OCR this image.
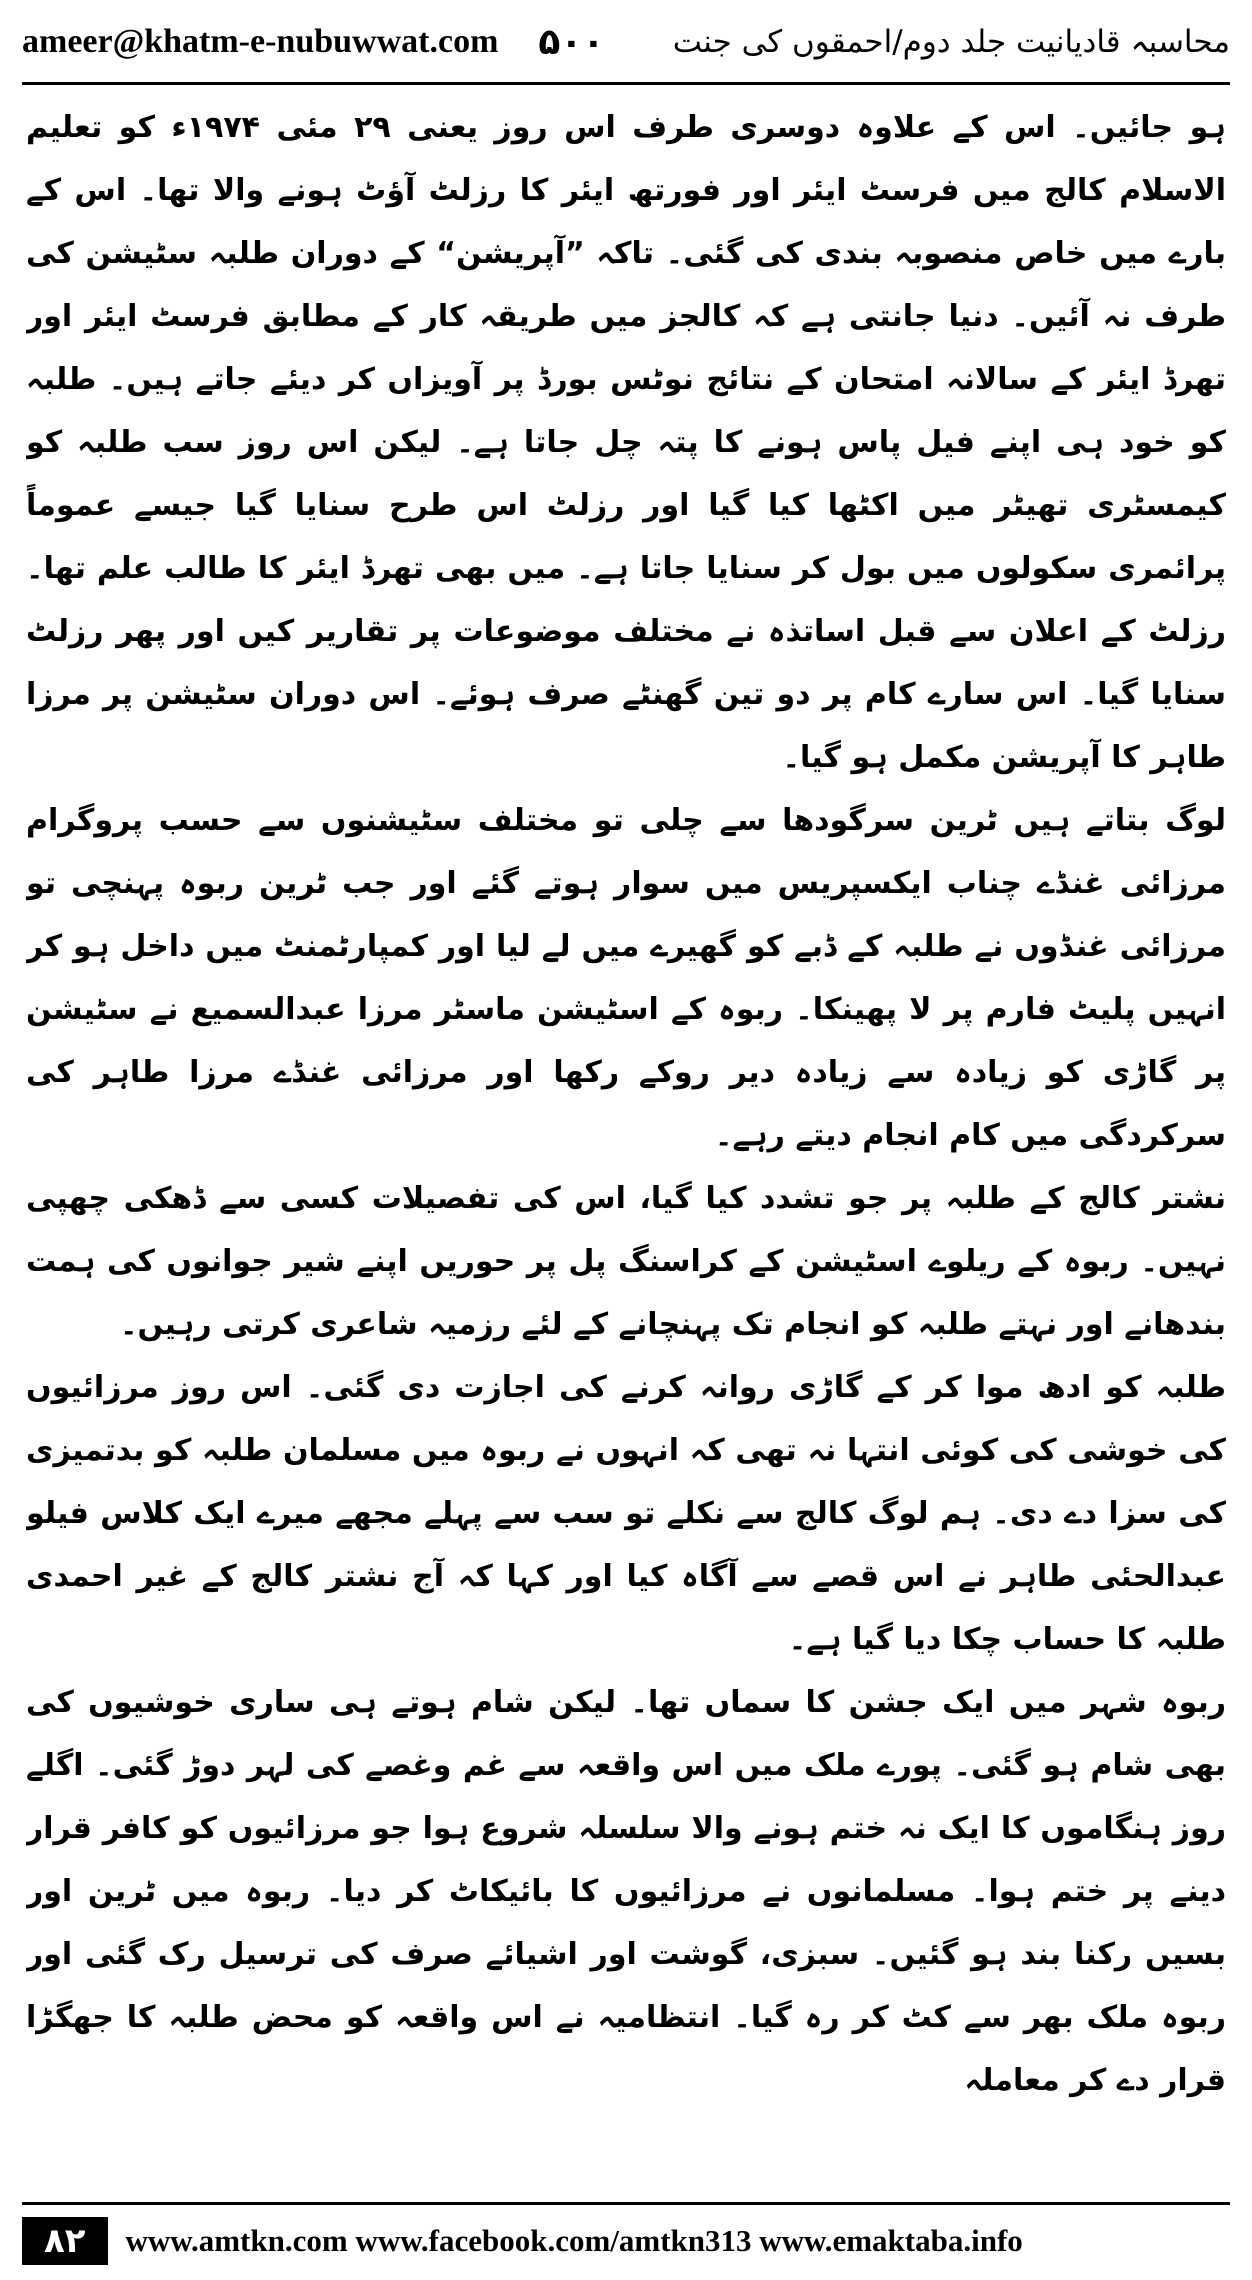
ameer@khatm-e-nubuwwat.com ۵۰۰ محاسبہ قادیانیت جلد دوم/احمقوں کی جنت

ہو جائیں۔ اس کے علاوہ دوسری طرف اس روز یعنی ۲۹ مئی ۱۹۷۴ء کو تعلیم الاسلام کالج میں فرسٹ ایئر اور فورتھ ایئر کا رزلٹ آؤٹ ہونے والا تھا۔ اس کے بارے میں خاص منصوبہ بندی کی گئی۔ تاکہ ”آپریشن“ کے دوران طلبہ سٹیشن کی طرف نہ آئیں۔ دنیا جانتی ہے کہ کالجز میں طریقہ کار کے مطابق فرسٹ ایئر اور تھرڈ ایئر کے سالانہ امتحان کے نتائج نوٹس بورڈ پر آویزاں کر دیئے جاتے ہیں۔ طلبہ کو خود ہی اپنے فیل پاس ہونے کا پتہ چل جاتا ہے۔ لیکن اس روز سب طلبہ کو کیمسٹری تھیٹر میں اکٹھا کیا گیا اور رزلٹ اس طرح سنایا گیا جیسے عموماً پرائمری سکولوں میں بول کر سنایا جاتا ہے۔ میں بھی تھرڈ ایئر کا طالب علم تھا۔ رزلٹ کے اعلان سے قبل اساتذہ نے مختلف موضوعات پر تقاریر کیں اور پھر رزلٹ سنایا گیا۔ اس سارے کام پر دو تین گھنٹے صرف ہوئے۔ اس دوران سٹیشن پر مرزا طاہر کا آپریشن مکمل ہو گیا۔

لوگ بتاتے ہیں ٹرین سرگودھا سے چلی تو مختلف سٹیشنوں سے حسب پروگرام مرزائی غنڈے چناب ایکسپریس میں سوار ہوتے گئے اور جب ٹرین ربوہ پہنچی تو مرزائی غنڈوں نے طلبہ کے ڈبے کو گھیرے میں لے لیا اور کمپارٹمنٹ میں داخل ہو کر انہیں پلیٹ فارم پر لا پھینکا۔ ربوہ کے اسٹیشن ماسٹر مرزا عبدالسمیع نے سٹیشن پر گاڑی کو زیادہ سے زیادہ دیر روکے رکھا اور مرزائی غنڈے مرزا طاہر کی سرکردگی میں کام انجام دیتے رہے۔

نشتر کالج کے طلبہ پر جو تشدد کیا گیا، اس کی تفصیلات کسی سے ڈھکی چھپی نہیں۔ ربوہ کے ریلوے اسٹیشن کے کراسنگ پل پر حوریں اپنے شیر جوانوں کی ہمت بندھانے اور نہتے طلبہ کو انجام تک پہنچانے کے لئے رزمیہ شاعری کرتی رہیں۔

طلبہ کو ادھ موا کر کے گاڑی روانہ کرنے کی اجازت دی گئی۔ اس روز مرزائیوں کی خوشی کی کوئی انتہا نہ تھی کہ انہوں نے ربوہ میں مسلمان طلبہ کو بدتمیزی کی سزا دے دی۔ ہم لوگ کالج سے نکلے تو سب سے پہلے مجھے میرے ایک کلاس فیلو عبدالحئی طاہر نے اس قصے سے آگاہ کیا اور کہا کہ آج نشتر کالج کے غیر احمدی طلبہ کا حساب چکا دیا گیا ہے۔

ربوہ شہر میں ایک جشن کا سماں تھا۔ لیکن شام ہوتے ہی ساری خوشیوں کی بھی شام ہو گئی۔ پورے ملک میں اس واقعہ سے غم وغصے کی لہر دوڑ گئی۔ اگلے روز ہنگاموں کا ایک نہ ختم ہونے والا سلسلہ شروع ہوا جو مرزائیوں کو کافر قرار دینے پر ختم ہوا۔ مسلمانوں نے مرزائیوں کا بائیکاٹ کر دیا۔ ربوہ میں ٹرین اور بسیں رکنا بند ہو گئیں۔ سبزی، گوشت اور اشیائے صرف کی ترسیل رک گئی اور ربوہ ملک بھر سے کٹ کر رہ گیا۔ انتظامیہ نے اس واقعہ کو محض طلبہ کا جھگڑا قرار دے کر معاملہ

۸۲	www.amtkn.com www.facebook.com/amtkn313 www.emaktaba.info
